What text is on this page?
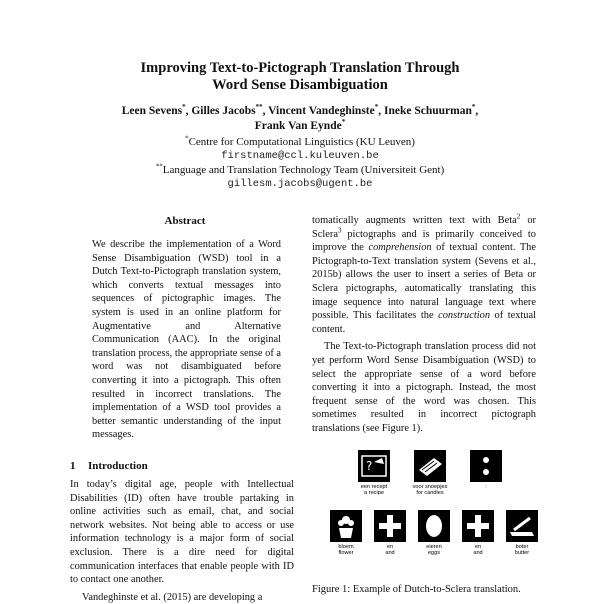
Improving Text-to-Pictograph Translation Through
Word Sense Disambiguation
Leen Sevens*, Gilles Jacobs**, Vincent Vandeghinste*, Ineke Schuurman*,
Frank Van Eynde*
*Centre for Computational Linguistics (KU Leuven)
firstname@ccl.kuleuven.be
**Language and Translation Technology Team (Universiteit Gent)
gillesm.jacobs@ugent.be
Abstract

We describe the implementation of a Word Sense Disambiguation (WSD) tool in a Dutch Text-to-Pictograph translation system, which converts textual messages into sequences of pictographic images. The system is used in an online platform for Augmentative and Alternative Communication (AAC). In the original translation process, the appropriate sense of a word was not disambiguated before converting it into a pictograph. This often resulted in incorrect translations. The implementation of a WSD tool provides a better semantic understanding of the input messages.

1 Introduction

In today’s digital age, people with Intellectual Disabilities (ID) often have trouble partaking in online activities such as email, chat, and social network websites. Not being able to access or use information technology is a major form of social exclusion. There is a dire need for digital communication interfaces that enable people with ID to contact one another.

Vandeghinste et al. (2015) are developing a

tomatically augments written text with Beta$^2$ or Sclera$^3$ pictographs and is primarily conceived to improve the comprehension of textual content. The Pictograph-to-Text translation system (Sevens et al., 2015b) allows the user to insert a series of Beta or Sclera pictographs, automatically translating this image sequence into natural language text where possible. This facilitates the construction of textual content.

The Text-to-Pictograph translation process did not yet perform Word Sense Disambiguation (WSD) to select the appropriate sense of a word before converting it into a pictograph. Instead, the most frequent sense of the word was chosen. This sometimes resulted in incorrect pictograph translations (see Figure 1).

?
een recept
a recipe
voor snoepjes
for candies
:
bloem
flower
en
and
eieren
eggs
en
and
boter
butter
Figure 1: Example of Dutch-to-Sclera translation.
